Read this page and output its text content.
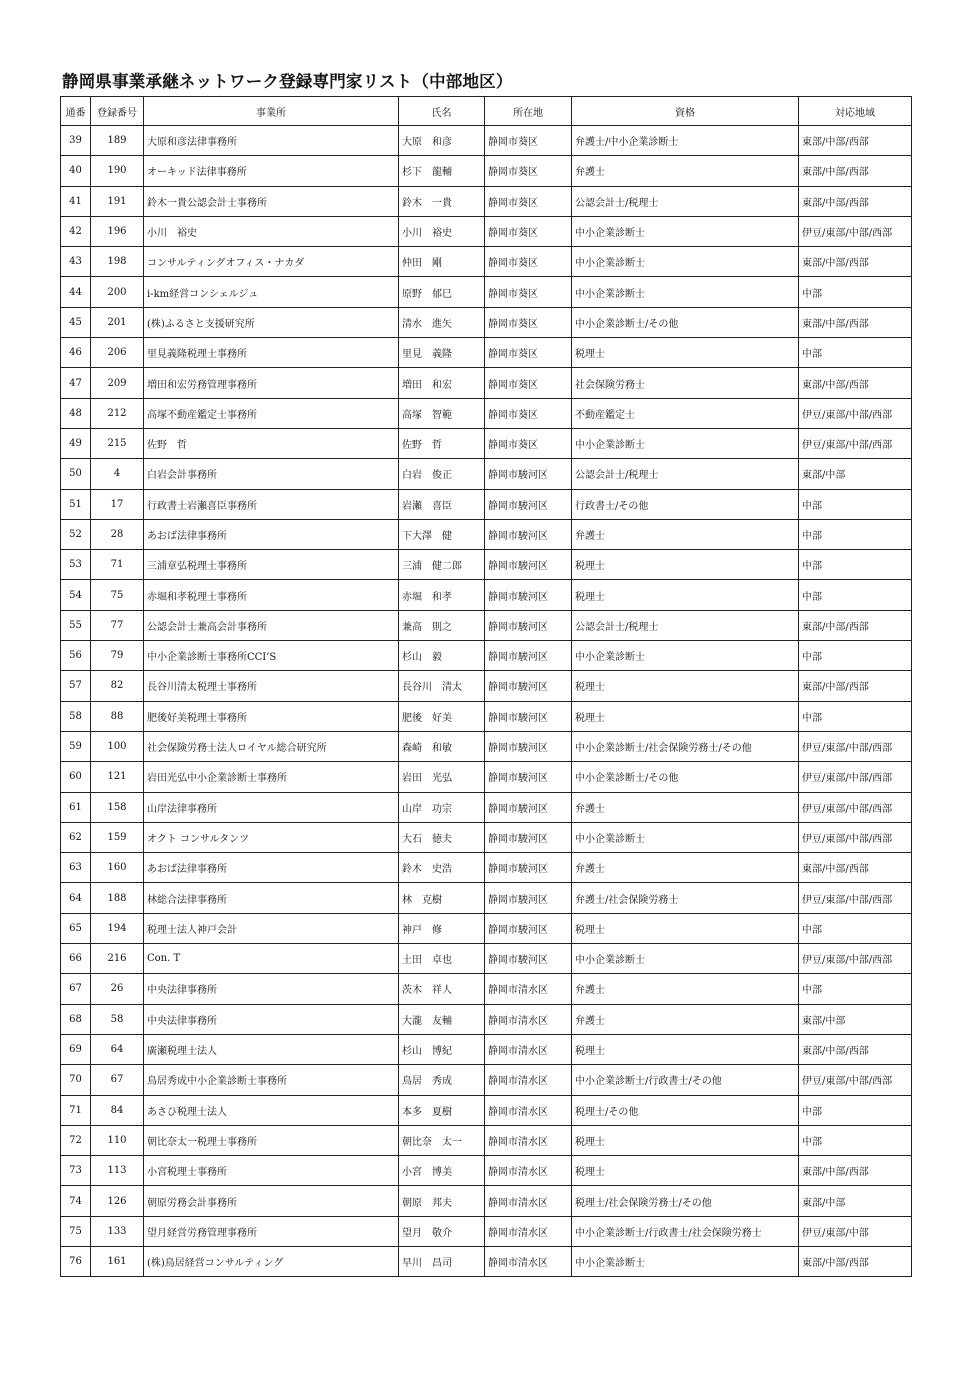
静岡県事業承継ネットワーク登録専門家リスト（中部地区）
通番	登録番号	事業所	氏名	所在地	資格	対応地域
39	189	大原和彦法律事務所	大原　和彦	静岡市葵区	弁護士/中小企業診断士	東部/中部/西部
40	190	オーキッド法律事務所	杉下　龍輔	静岡市葵区	弁護士	東部/中部/西部
41	191	鈴木一貴公認会計士事務所	鈴木　一貴	静岡市葵区	公認会計士/税理士	東部/中部/西部
42	196	小川　裕史	小川　裕史	静岡市葵区	中小企業診断士	伊豆/東部/中部/西部
43	198	コンサルティングオフィス・ナカダ	仲田　剛	静岡市葵区	中小企業診断士	東部/中部/西部
44	200	i-km経営コンシェルジュ	原野　郁巳	静岡市葵区	中小企業診断士	中部
45	201	(株)ふるさと支援研究所	清水　進矢	静岡市葵区	中小企業診断士/その他	東部/中部/西部
46	206	里見義隆税理士事務所	里見　義隆	静岡市葵区	税理士	中部
47	209	増田和宏労務管理事務所	増田　和宏	静岡市葵区	社会保険労務士	東部/中部/西部
48	212	高塚不動産鑑定士事務所	高塚　智範	静岡市葵区	不動産鑑定士	伊豆/東部/中部/西部
49	215	佐野　哲	佐野　哲	静岡市葵区	中小企業診断士	伊豆/東部/中部/西部
50	4	白岩会計事務所	白岩　俊正	静岡市駿河区	公認会計士/税理士	東部/中部
51	17	行政書士岩瀬喜臣事務所	岩瀬　喜臣	静岡市駿河区	行政書士/その他	中部
52	28	あおば法律事務所	下大澤　健	静岡市駿河区	弁護士	中部
53	71	三浦章弘税理士事務所	三浦　健二郎	静岡市駿河区	税理士	中部
54	75	赤堀和孝税理士事務所	赤堀　和孝	静岡市駿河区	税理士	中部
55	77	公認会計士兼高会計事務所	兼高　則之	静岡市駿河区	公認会計士/税理士	東部/中部/西部
56	79	中小企業診断士事務所CCI’S	杉山　毅	静岡市駿河区	中小企業診断士	中部
57	82	長谷川清太税理士事務所	長谷川　清太	静岡市駿河区	税理士	東部/中部/西部
58	88	肥後好美税理士事務所	肥後　好美	静岡市駿河区	税理士	中部
59	100	社会保険労務士法人ロイヤル総合研究所	森崎　和敏	静岡市駿河区	中小企業診断士/社会保険労務士/その他	伊豆/東部/中部/西部
60	121	岩田光弘中小企業診断士事務所	岩田　光弘	静岡市駿河区	中小企業診断士/その他	伊豆/東部/中部/西部
61	158	山岸法律事務所	山岸　功宗	静岡市駿河区	弁護士	伊豆/東部/中部/西部
62	159	オクト コンサルタンツ	大石　徳夫	静岡市駿河区	中小企業診断士	伊豆/東部/中部/西部
63	160	あおば法律事務所	鈴木　史浩	静岡市駿河区	弁護士	東部/中部/西部
64	188	林総合法律事務所	林　克樹	静岡市駿河区	弁護士/社会保険労務士	伊豆/東部/中部/西部
65	194	税理士法人神戸会計	神戸　修	静岡市駿河区	税理士	中部
66	216	Con. T	土田　卓也	静岡市駿河区	中小企業診断士	伊豆/東部/中部/西部
67	26	中央法律事務所	茨木　祥人	静岡市清水区	弁護士	中部
68	58	中央法律事務所	大瀧　友輔	静岡市清水区	弁護士	東部/中部
69	64	廣瀬税理士法人	杉山　博紀	静岡市清水区	税理士	東部/中部/西部
70	67	鳥居秀成中小企業診断士事務所	鳥居　秀成	静岡市清水区	中小企業診断士/行政書士/その他	伊豆/東部/中部/西部
71	84	あさひ税理士法人	本多　夏樹	静岡市清水区	税理士/その他	中部
72	110	朝比奈太一税理士事務所	朝比奈　太一	静岡市清水区	税理士	中部
73	113	小宮税理士事務所	小宮　博美	静岡市清水区	税理士	東部/中部/西部
74	126	朝原労務会計事務所	朝原　邦夫	静岡市清水区	税理士/社会保険労務士/その他	東部/中部
75	133	望月経営労務管理事務所	望月　敬介	静岡市清水区	中小企業診断士/行政書士/社会保険労務士	伊豆/東部/中部
76	161	(株)鳥居経営コンサルティング	早川　昌司	静岡市清水区	中小企業診断士	東部/中部/西部
